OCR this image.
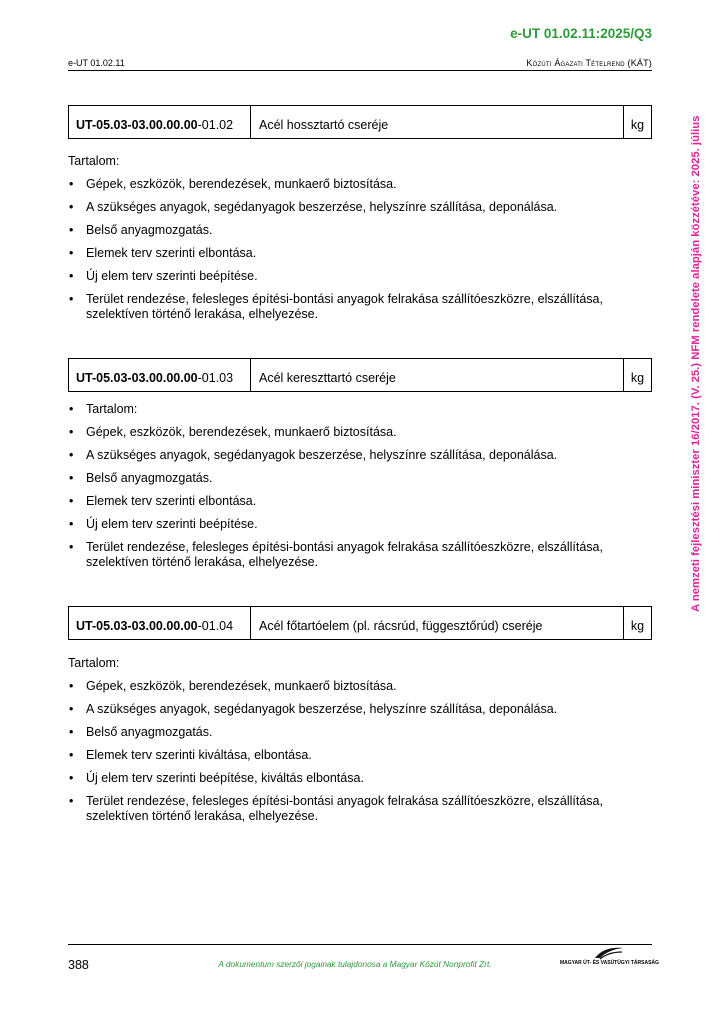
e-UT 01.02.11:2025/Q3
e-UT 01.02.11	Közúti Ágazati Tételrend (KÁT)
A nemzeti fejlesztési miniszter 16/2017. (V. 25.) NFM rendelete alapján közzétéve: 2025. július
UT-05.03-03.00.00.00 -01.02	Acél hossztartó cseréje	kg

Tartalom:

• Gépek, eszközök, berendezések, munkaerő biztosítása.
• A szükséges anyagok, segédanyagok beszerzése, helyszínre szállítása, deponálása.
• Belső anyagmozgatás.
• Elemek terv szerinti elbontása.
• Új elem terv szerinti beépítése.
• Terület rendezése, felesleges építési-bontási anyagok felrakása szállítóeszközre, elszállítása, szelektíven történő lerakása, elhelyezése.
UT-05.03-03.00.00.00 -01.03	Acél kereszttartó cseréje	kg
• Tartalom:
• Gépek, eszközök, berendezések, munkaerő biztosítása.
• A szükséges anyagok, segédanyagok beszerzése, helyszínre szállítása, deponálása.
• Belső anyagmozgatás.
• Elemek terv szerinti elbontása.
• Új elem terv szerinti beépítése.
• Terület rendezése, felesleges építési-bontási anyagok felrakása szállítóeszközre, elszállítása, szelektíven történő lerakása, elhelyezése.
UT-05.03-03.00.00.00 -01.04	Acél főtartóelem (pl. rácsrúd, függesztőrúd) cseréje	kg

Tartalom:

• Gépek, eszközök, berendezések, munkaerő biztosítása.
• A szükséges anyagok, segédanyagok beszerzése, helyszínre szállítása, deponálása.
• Belső anyagmozgatás.
• Elemek terv szerinti kiváltása, elbontása.
• Új elem terv szerinti beépítése, kiváltás elbontása.
• Terület rendezése, felesleges építési-bontási anyagok felrakása szállítóeszközre, elszállítása, szelektíven történő lerakása, elhelyezése.
388	A dokumentum szerzői jogainak tulajdonosa a Magyar Közút Nonprofit Zrt.	MAGYAR ÚT- ÉS VASÚTÜGYI TÁRSASÁG
